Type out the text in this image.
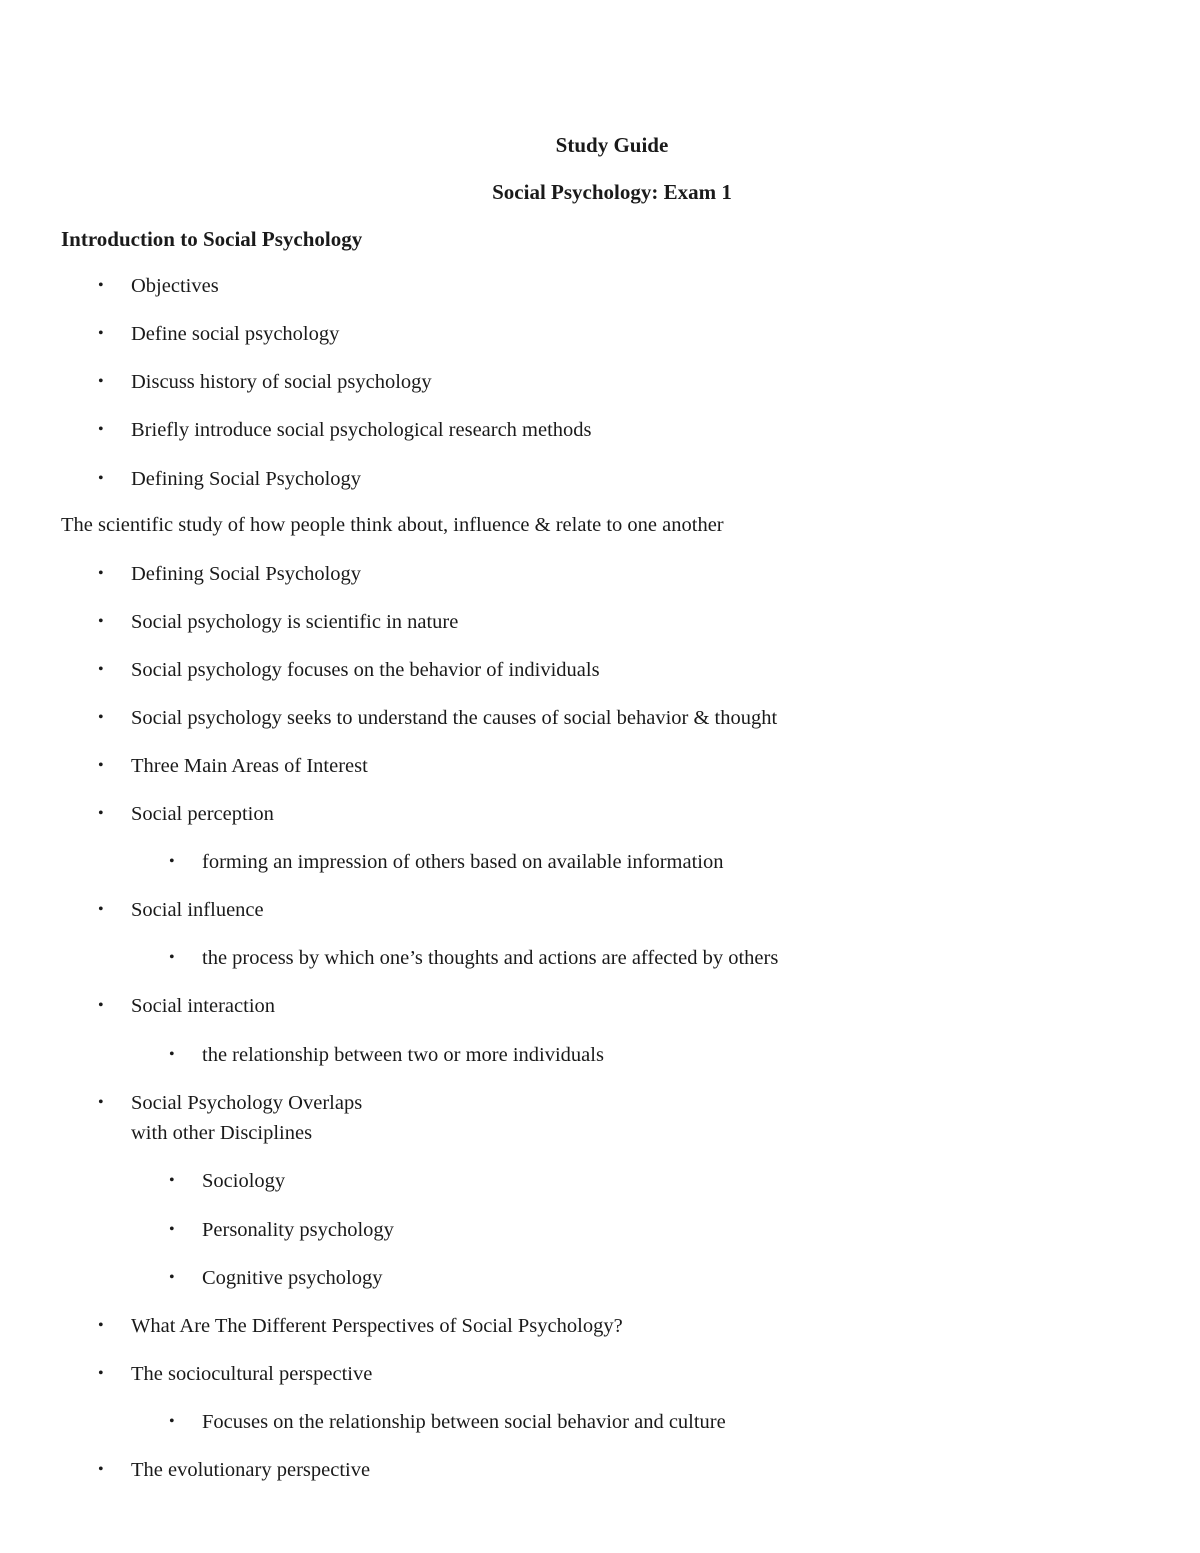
Study Guide
Social Psychology: Exam 1
Introduction to Social Psychology
• Objectives
• Define social psychology
• Discuss history of social psychology
• Briefly introduce social psychological research methods
• Defining Social Psychology

The scientific study of how people think about, influence & relate to one another

• Defining Social Psychology
• Social psychology is scientific in nature
• Social psychology focuses on the behavior of individuals
• Social psychology seeks to understand the causes of social behavior & thought
• Three Main Areas of Interest
• Social perception
• forming an impression of others based on available information
• Social influence
• the process by which one’s thoughts and actions are affected by others
• Social interaction
• the relationship between two or more individuals
• Social Psychology Overlaps
with other Disciplines
• Sociology
• Personality psychology
• Cognitive psychology
• What Are The Different Perspectives of Social Psychology?
• The sociocultural perspective
• Focuses on the relationship between social behavior and culture
• The evolutionary perspective
